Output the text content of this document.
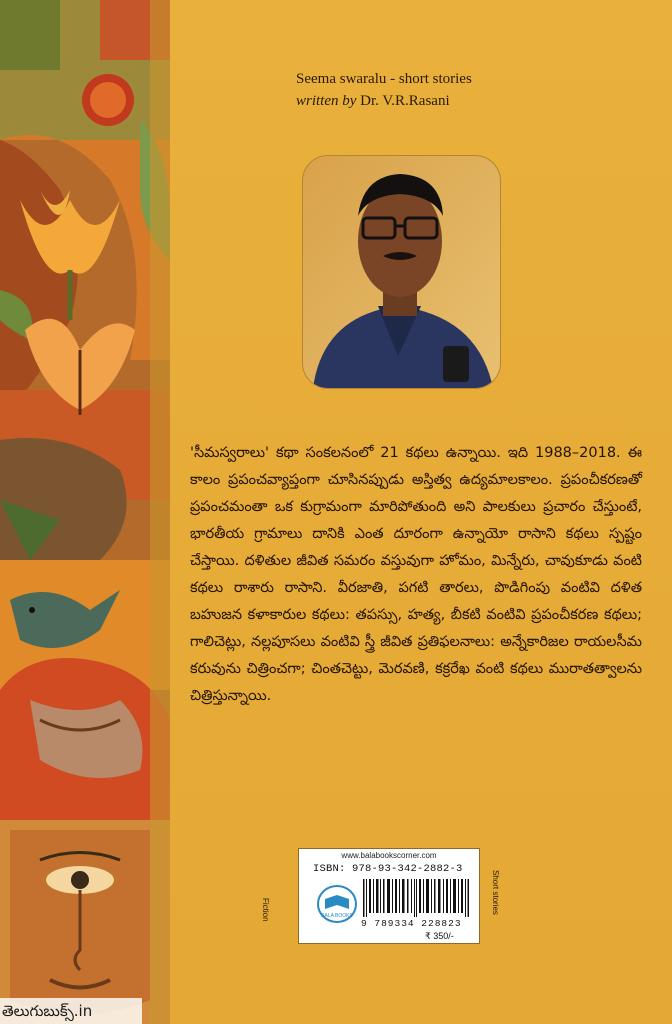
Seema swaralu - short stories
written by Dr. V.R.Rasani

'సీమస్వరాలు' కథా సంకలనంలో 21 కథలు ఉన్నాయి. ఇది 1988–2018. ఈ కాలం ప్రపంచవ్యాప్తంగా చూసినప్పుడు అస్తిత్వ ఉద్యమాలకాలం. ప్రపంచీకరణతో ప్రపంచమంతా ఒక కుగ్రామంగా మారిపోతుంది అని పాలకులు ప్రచారం చేస్తుంటే, భారతీయ గ్రామాలు దానికి ఎంత దూరంగా ఉన్నాయో రాసాని కథలు స్పష్టం చేస్తాయి. దళితుల జీవిత సమరం వస్తువుగా హోమం, మిన్నేరు, చావుకూడు వంటి కథలు రాశారు రాసాని. వీరజాతి, పగటి తారలు, పొడిగింపు వంటివి దళిత బహుజన కళాకారుల కథలు: తపస్సు, హత్య, బీకటి వంటివి ప్రపంచీకరణ కథలు; గాలిచెట్లు, నల్లపూసలు వంటివి స్త్రీ జీవిత ప్రతిఫలనాలు: అన్నేకారిజల రాయలసీమ కరువును చిత్రించగా; చింతచెట్టు, మెరవణి, కక్రరేఖ వంటి కథలు మురాతత్వాలను చిత్రిస్తున్నాయి.

Fiction
www.balabookscorner.com
ISBN: 978-93-342-2882-3
BALA BOOKS
9 789334 228823
₹ 350/-
Short stories
తెలుగుబుక్స్.in
